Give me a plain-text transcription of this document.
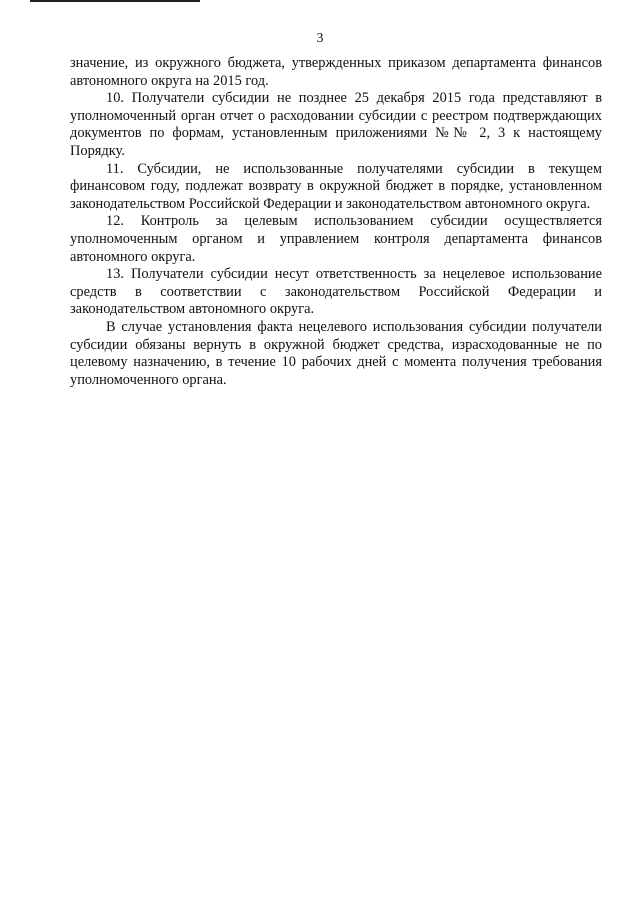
3

значение, из окружного бюджета, утвержденных приказом департамента финансов автономного округа на 2015 год.

10. Получатели субсидии не позднее 25 декабря 2015 года представляют в уполномоченный орган отчет о расходовании субсидии с реестром подтверждающих документов по формам, установленным приложениями №№ 2, 3 к настоящему Порядку.

11. Субсидии, не использованные получателями субсидии в текущем финансовом году, подлежат возврату в окружной бюджет в порядке, установленном законодательством Российской Федерации и законодательством автономного округа.

12. Контроль за целевым использованием субсидии осуществляется уполномоченным органом и управлением контроля департамента финансов автономного округа.

13. Получатели субсидии несут ответственность за нецелевое использование средств в соответствии с законодательством Российской Федерации и законодательством автономного округа.

В случае установления факта нецелевого использования субсидии получатели субсидии обязаны вернуть в окружной бюджет средства, израсходованные не по целевому назначению, в течение 10 рабочих дней с момента получения требования уполномоченного органа.
